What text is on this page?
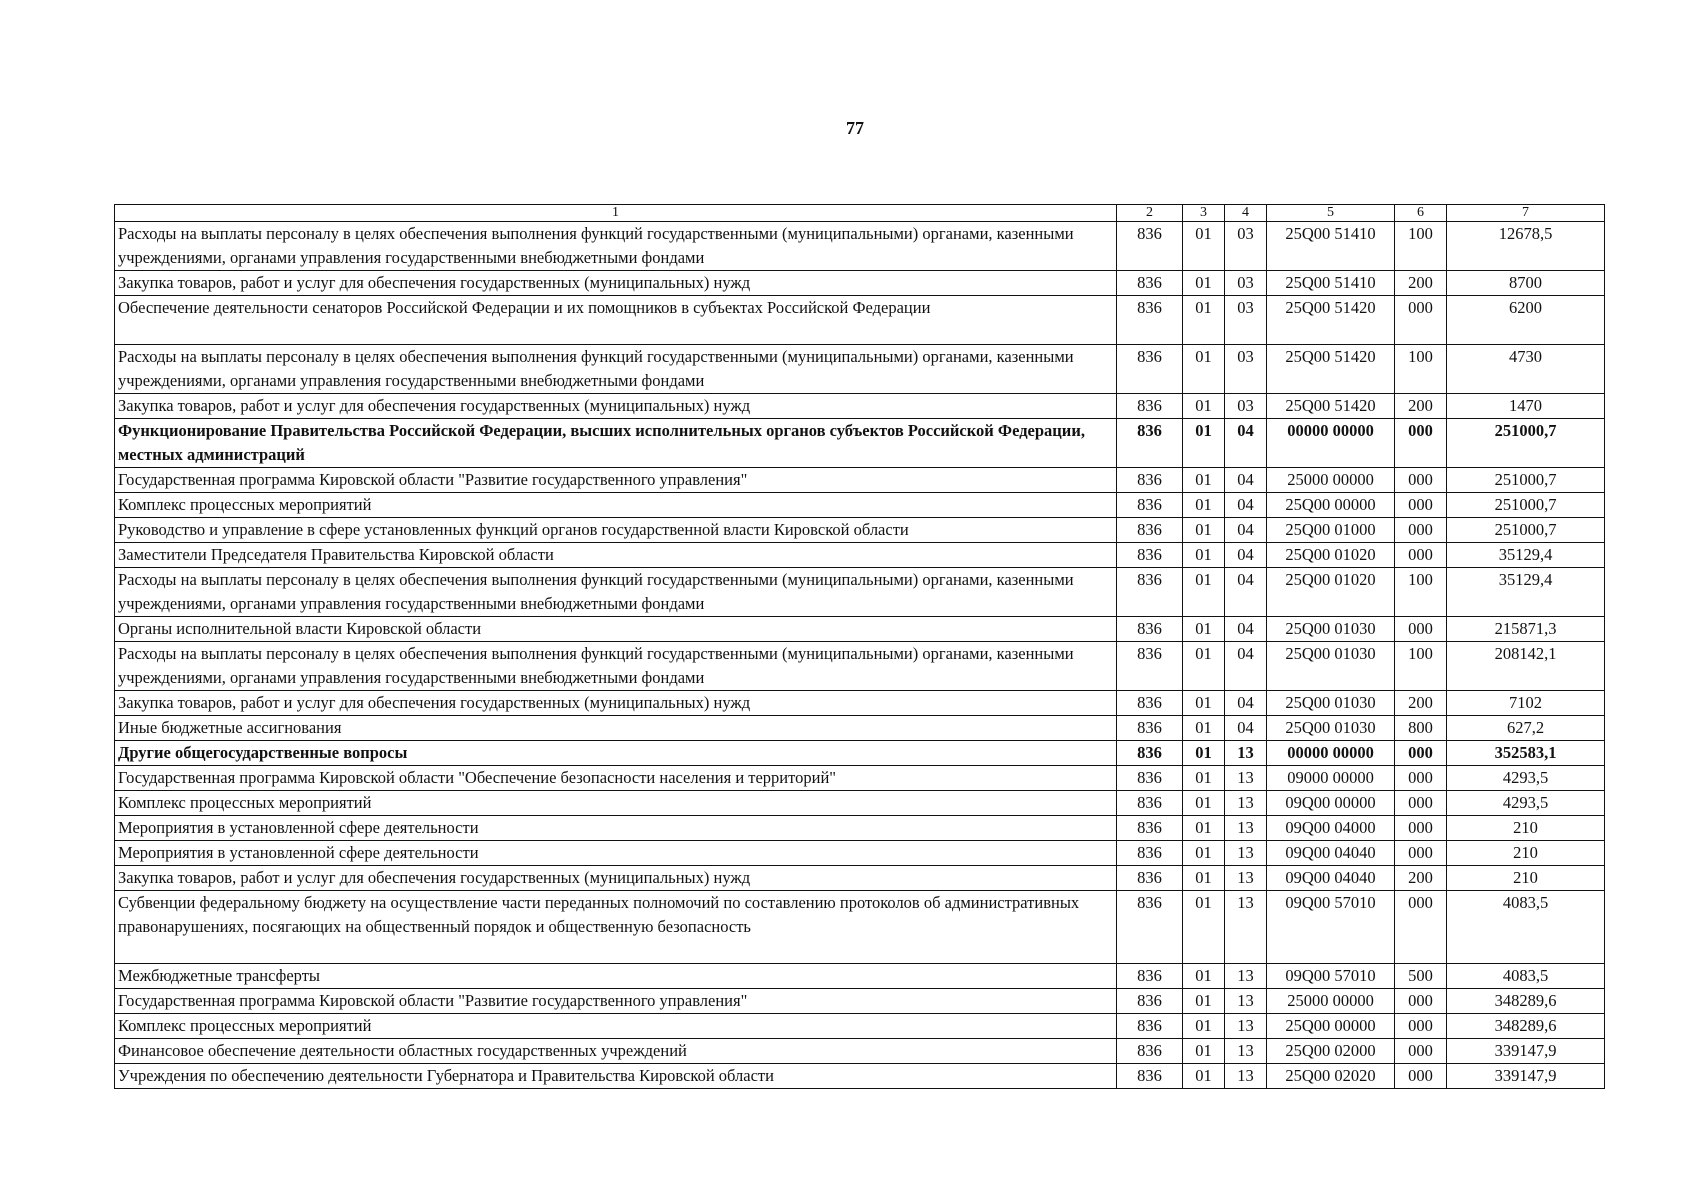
77
1	2	3	4	5	6	7
Расходы на выплаты персоналу в целях обеспечения выполнения функций государственными (муниципальными) органами, казенными учреждениями, органами управления государственными внебюджетными фондами	836	01	03	25Q00 51410	100	12678,5
Закупка товаров, работ и услуг для обеспечения государственных (муниципальных) нужд	836	01	03	25Q00 51410	200	8700
Обеспечение деятельности сенаторов Российской Федерации и их помощников в субъектах Российской Федерации	836	01	03	25Q00 51420	000	6200
Расходы на выплаты персоналу в целях обеспечения выполнения функций государственными (муниципальными) органами, казенными учреждениями, органами управления государственными внебюджетными фондами	836	01	03	25Q00 51420	100	4730
Закупка товаров, работ и услуг для обеспечения государственных (муниципальных) нужд	836	01	03	25Q00 51420	200	1470
Функционирование Правительства Российской Федерации, высших исполнительных органов субъектов Российской Федерации, местных администраций	836	01	04	00000 00000	000	251000,7
Государственная программа Кировской области "Развитие государственного управления"	836	01	04	25000 00000	000	251000,7
Комплекс процессных мероприятий	836	01	04	25Q00 00000	000	251000,7
Руководство и управление в сфере установленных функций органов государственной власти Кировской области	836	01	04	25Q00 01000	000	251000,7
Заместители Председателя Правительства Кировской области	836	01	04	25Q00 01020	000	35129,4
Расходы на выплаты персоналу в целях обеспечения выполнения функций государственными (муниципальными) органами, казенными учреждениями, органами управления государственными внебюджетными фондами	836	01	04	25Q00 01020	100	35129,4
Органы исполнительной власти Кировской области	836	01	04	25Q00 01030	000	215871,3
Расходы на выплаты персоналу в целях обеспечения выполнения функций государственными (муниципальными) органами, казенными учреждениями, органами управления государственными внебюджетными фондами	836	01	04	25Q00 01030	100	208142,1
Закупка товаров, работ и услуг для обеспечения государственных (муниципальных) нужд	836	01	04	25Q00 01030	200	7102
Иные бюджетные ассигнования	836	01	04	25Q00 01030	800	627,2
Другие общегосударственные вопросы	836	01	13	00000 00000	000	352583,1
Государственная программа Кировской области "Обеспечение безопасности населения и территорий"	836	01	13	09000 00000	000	4293,5
Комплекс процессных мероприятий	836	01	13	09Q00 00000	000	4293,5
Мероприятия в установленной сфере деятельности	836	01	13	09Q00 04000	000	210
Мероприятия в установленной сфере деятельности	836	01	13	09Q00 04040	000	210
Закупка товаров, работ и услуг для обеспечения государственных (муниципальных) нужд	836	01	13	09Q00 04040	200	210
Субвенции федеральному бюджету на осуществление части переданных полномочий по составлению протоколов об административных правонарушениях, посягающих на общественный порядок и общественную безопасность	836	01	13	09Q00 57010	000	4083,5
Межбюджетные трансферты	836	01	13	09Q00 57010	500	4083,5
Государственная программа Кировской области "Развитие государственного управления"	836	01	13	25000 00000	000	348289,6
Комплекс процессных мероприятий	836	01	13	25Q00 00000	000	348289,6
Финансовое обеспечение деятельности областных государственных учреждений	836	01	13	25Q00 02000	000	339147,9
Учреждения по обеспечению деятельности Губернатора и Правительства Кировской области	836	01	13	25Q00 02020	000	339147,9
